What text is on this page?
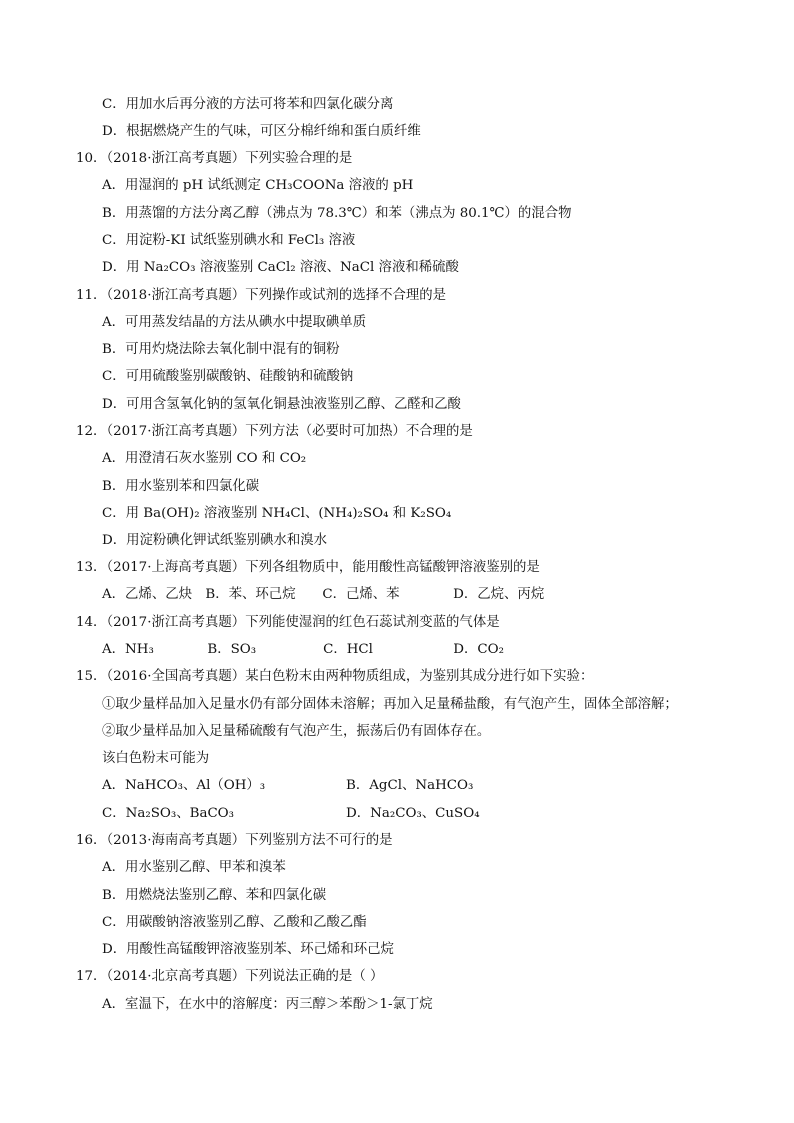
C．用加水后再分液的方法可将苯和四氯化碳分离
D．根据燃烧产生的气味，可区分棉纤绵和蛋白质纤维
10．（2018·浙江高考真题）下列实验合理的是
A．用湿润的 pH 试纸测定 CH₃COONa 溶液的 pH
B．用蒸馏的方法分离乙醇（沸点为 78.3℃）和苯（沸点为 80.1℃）的混合物
C．用淀粉-KI 试纸鉴别碘水和 FeCl₃ 溶液
D．用 Na₂CO₃ 溶液鉴别 CaCl₂ 溶液、NaCl 溶液和稀硫酸
11．（2018·浙江高考真题）下列操作或试剂的选择不合理的是
A．可用蒸发结晶的方法从碘水中提取碘单质
B．可用灼烧法除去氧化制中混有的铜粉
C．可用硫酸鉴别碳酸钠、硅酸钠和硫酸钠
D．可用含氢氧化钠的氢氧化铜悬浊液鉴别乙醇、乙醛和乙酸
12．（2017·浙江高考真题）下列方法（必要时可加热）不合理的是
A．用澄清石灰水鉴别 CO 和 CO₂
B．用水鉴别苯和四氯化碳
C．用 Ba(OH)₂ 溶液鉴别 NH₄Cl、(NH₄)₂SO₄ 和 K₂SO₄
D．用淀粉碘化钾试纸鉴别碘水和溴水
13．（2017·上海高考真题）下列各组物质中，能用酸性高锰酸钾溶液鉴别的是
A．乙烯、乙炔　B．苯、环己烷　　C．己烯、苯　　　　D．乙烷、丙烷
14．（2017·浙江高考真题）下列能使湿润的红色石蕊试剂变蓝的气体是
A．NH₃　　　　B．SO₃　　　　　C．HCl　　　　　　D．CO₂
15．（2016·全国高考真题）某白色粉末由两种物质组成，为鉴别其成分进行如下实验：
①取少量样品加入足量水仍有部分固体未溶解；再加入足量稀盐酸，有气泡产生，固体全部溶解；
②取少量样品加入足量稀硫酸有气泡产生，振荡后仍有固体存在。
该白色粉末可能为
A．NaHCO₃、Al（OH）₃	B．AgCl、NaHCO₃
C．Na₂SO₃、BaCO₃	D．Na₂CO₃、CuSO₄
16．（2013·海南高考真题）下列鉴别方法不可行的是
A．用水鉴别乙醇、甲苯和溴苯
B．用燃烧法鉴别乙醇、苯和四氯化碳
C．用碳酸钠溶液鉴别乙醇、乙酸和乙酸乙酯
D．用酸性高锰酸钾溶液鉴别苯、环己烯和环己烷
17．（2014·北京高考真题）下列说法正确的是（ ）
A．室温下，在水中的溶解度：丙三醇＞苯酚＞1-氯丁烷
